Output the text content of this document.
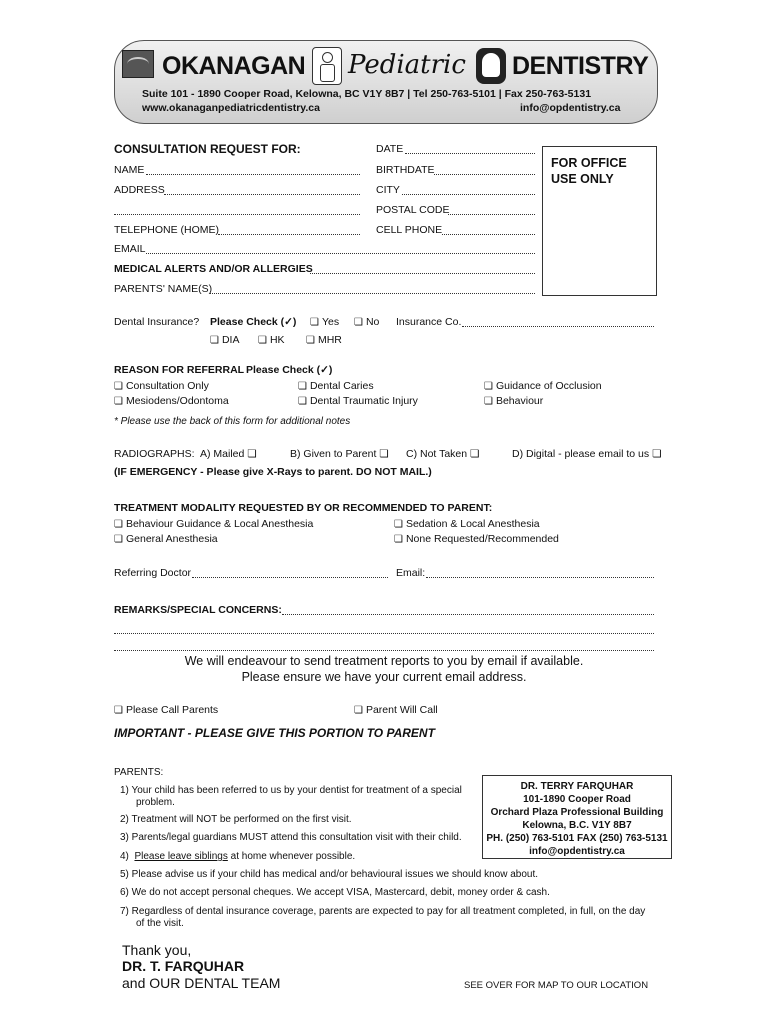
OKANAGAN Pediatric DENTISTRY
Suite 101 - 1890 Cooper Road, Kelowna, BC V1Y 8B7 | Tel 250-763-5101 | Fax 250-763-5131
www.okanaganpediatricdentistry.ca	info@opdentistry.ca
CONSULTATION REQUEST FOR:	DATE
FOR OFFICE USE ONLY
NAME	BIRTHDATE
ADDRESS	CITY
POSTAL CODE
TELEPHONE (HOME)	CELL PHONE
EMAIL
MEDICAL ALERTS AND/OR ALLERGIES
PARENTS' NAME(S)
Dental Insurance? Please Check (✓)	❏ Yes	❏ No Insurance Co.
❏ DIA	❏ HK	❏ MHR
REASON FOR REFERRAL Please Check (✓)
❏ Consultation Only	❏ Dental Caries	❏ Guidance of Occlusion
❏ Mesiodens/Odontoma	❏ Dental Traumatic Injury	❏ Behaviour
* Please use the back of this form for additional notes
RADIOGRAPHS: A) Mailed ❏	B) Given to Parent ❏ C) Not Taken ❏	D) Digital - please email to us ❏
(IF EMERGENCY - Please give X-Rays to parent. DO NOT MAIL.)
TREATMENT MODALITY REQUESTED BY OR RECOMMENDED TO PARENT:
❏ Behaviour Guidance & Local Anesthesia	❏ Sedation & Local Anesthesia
❏ General Anesthesia	❏ None Requested/Recommended
Referring Doctor	Email:
REMARKS/SPECIAL CONCERNS:
We will endeavour to send treatment reports to you by email if available.
Please ensure we have your current email address.
❏ Please Call Parents	❏ Parent Will Call
IMPORTANT - PLEASE GIVE THIS PORTION TO PARENT
PARENTS:
1) Your child has been referred to us by your dentist for treatment of a special
problem.
2) Treatment will NOT be performed on the first visit.
3) Parents/legal guardians MUST attend this consultation visit with their child.
4) Please leave siblings at home whenever possible.
5) Please advise us if your child has medical and/or behavioural issues we should know about.
6) We do not accept personal cheques. We accept VISA, Mastercard, debit, money order & cash.
7) Regardless of dental insurance coverage, parents are expected to pay for all treatment completed, in full, on the day
of the visit.
DR. TERRY FARQUHAR
101-1890 Cooper Road
Orchard Plaza Professional Building
Kelowna, B.C. V1Y 8B7
PH. (250) 763-5101 FAX (250) 763-5131
info@opdentistry.ca
Thank you,
DR. T. FARQUHAR
and OUR DENTAL TEAM	SEE OVER FOR MAP TO OUR LOCATION
